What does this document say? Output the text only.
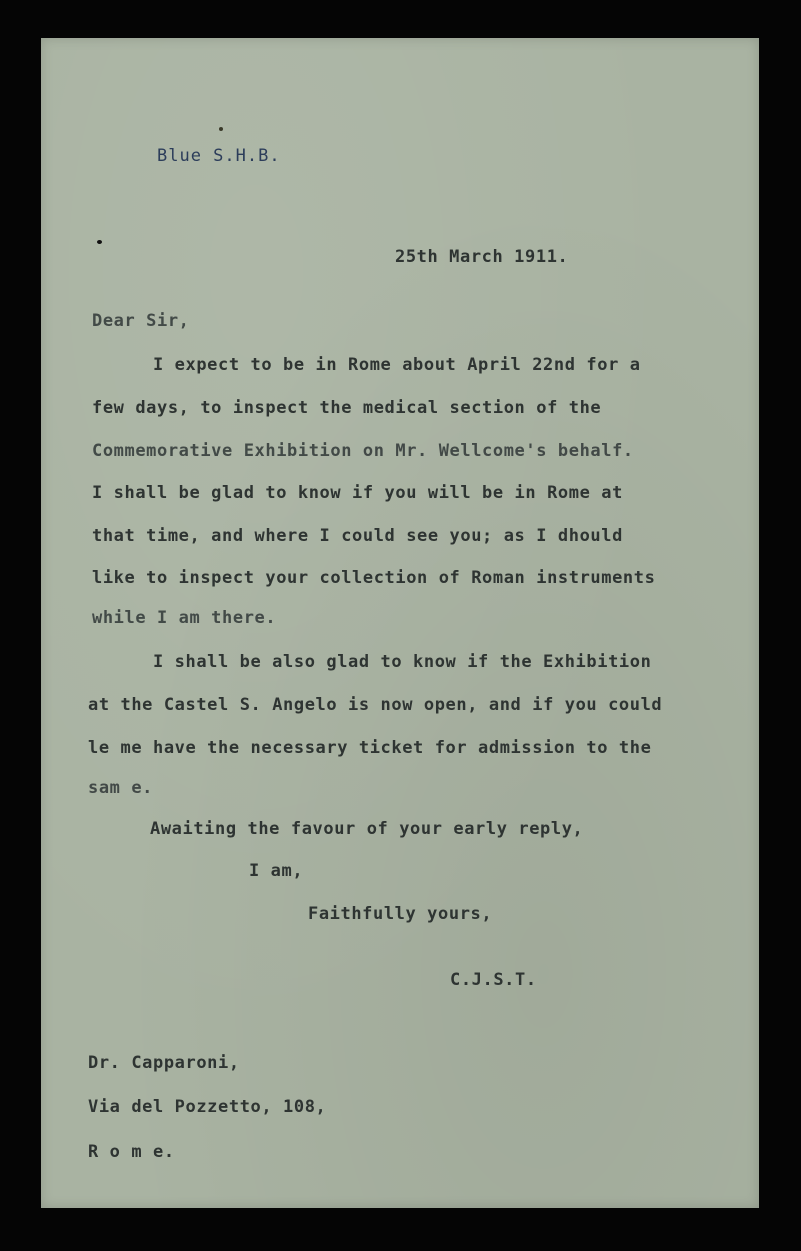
Blue S.H.B.
25th March 1911.
Dear Sir,
I expect to be in Rome about April 22nd for a
few days, to inspect the medical section of the
Commemorative Exhibition on Mr. Wellcome's behalf.
I shall be glad to know if you will be in Rome at
that time, and where I could see you; as I dhould
like to inspect your collection of Roman instruments
while I am there.
I shall be also glad to know if the Exhibition
at the Castel S. Angelo is now open, and if you could
le me have the necessary ticket for admission to the
sam e.
Awaiting the favour of your early reply,
I am,
Faithfully yours,
C.J.S.T.
Dr. Capparoni,
Via del Pozzetto, 108,
R o m e.
